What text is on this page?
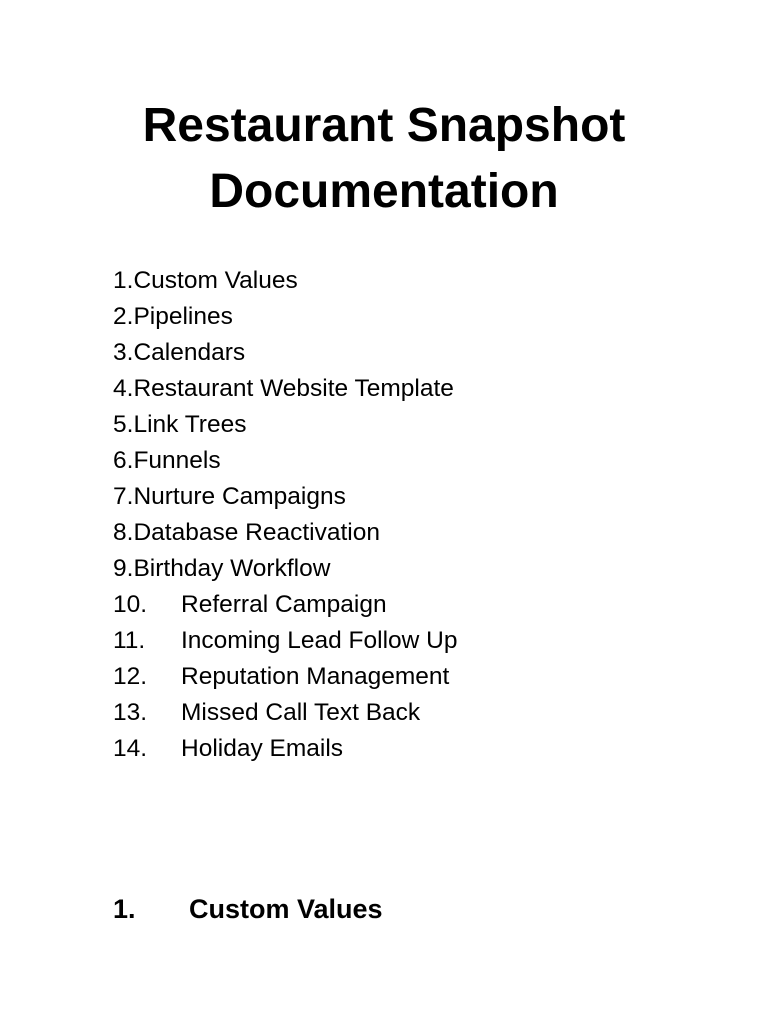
Restaurant Snapshot
Documentation
1.Custom Values
2.Pipelines
3.Calendars
4.Restaurant Website Template
5.Link Trees
6.Funnels
7.Nurture Campaigns
8.Database Reactivation
9.Birthday Workflow
10. Referral Campaign
11. Incoming Lead Follow Up
12. Reputation Management
13. Missed Call Text Back
14. Holiday Emails
1. Custom Values
